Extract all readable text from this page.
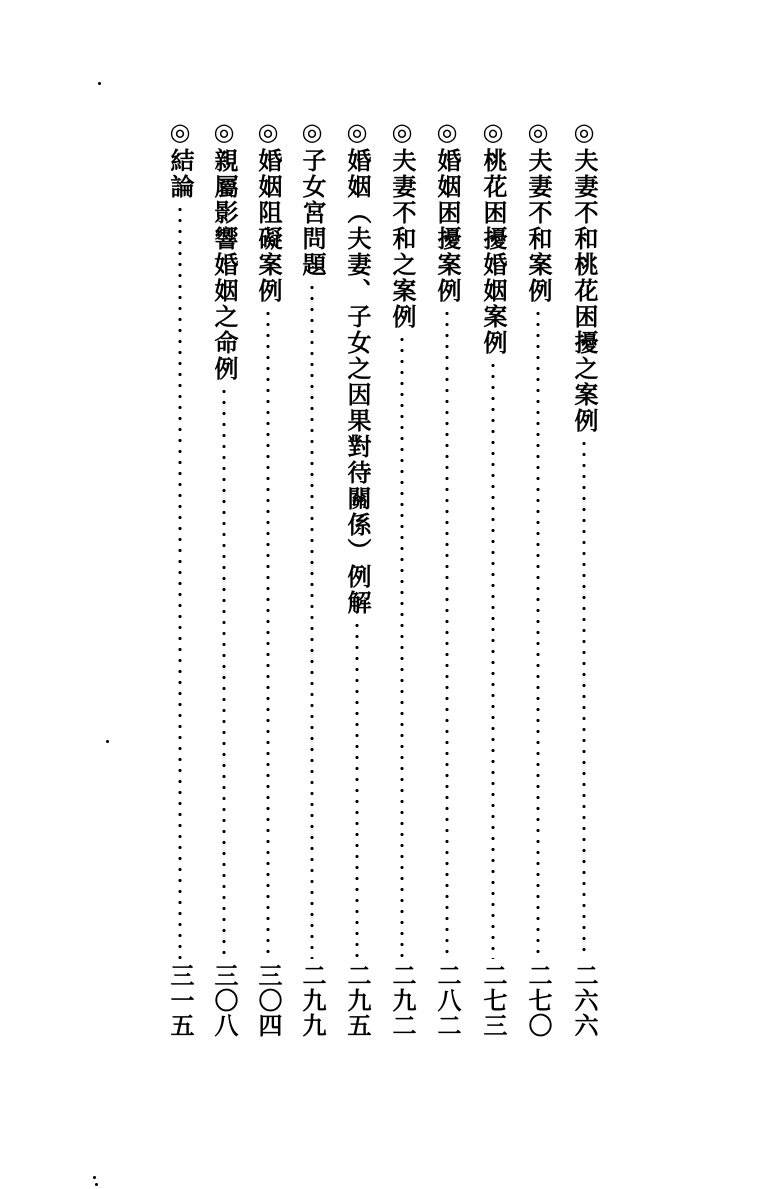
◎夫妻不和桃花困擾之案例
二六六
◎夫妻不和案例
二七〇
◎桃花困擾婚姻案例
二七三
◎婚姻困擾案例
二八二
◎夫妻不和之案例
二九二
◎婚姻（夫妻、子女之因果對待關係）例解
二九五
◎子女宮問題
二九九
◎婚姻阻礙案例
三〇四
◎親屬影響婚姻之命例
三〇八
◎結論
三一五
